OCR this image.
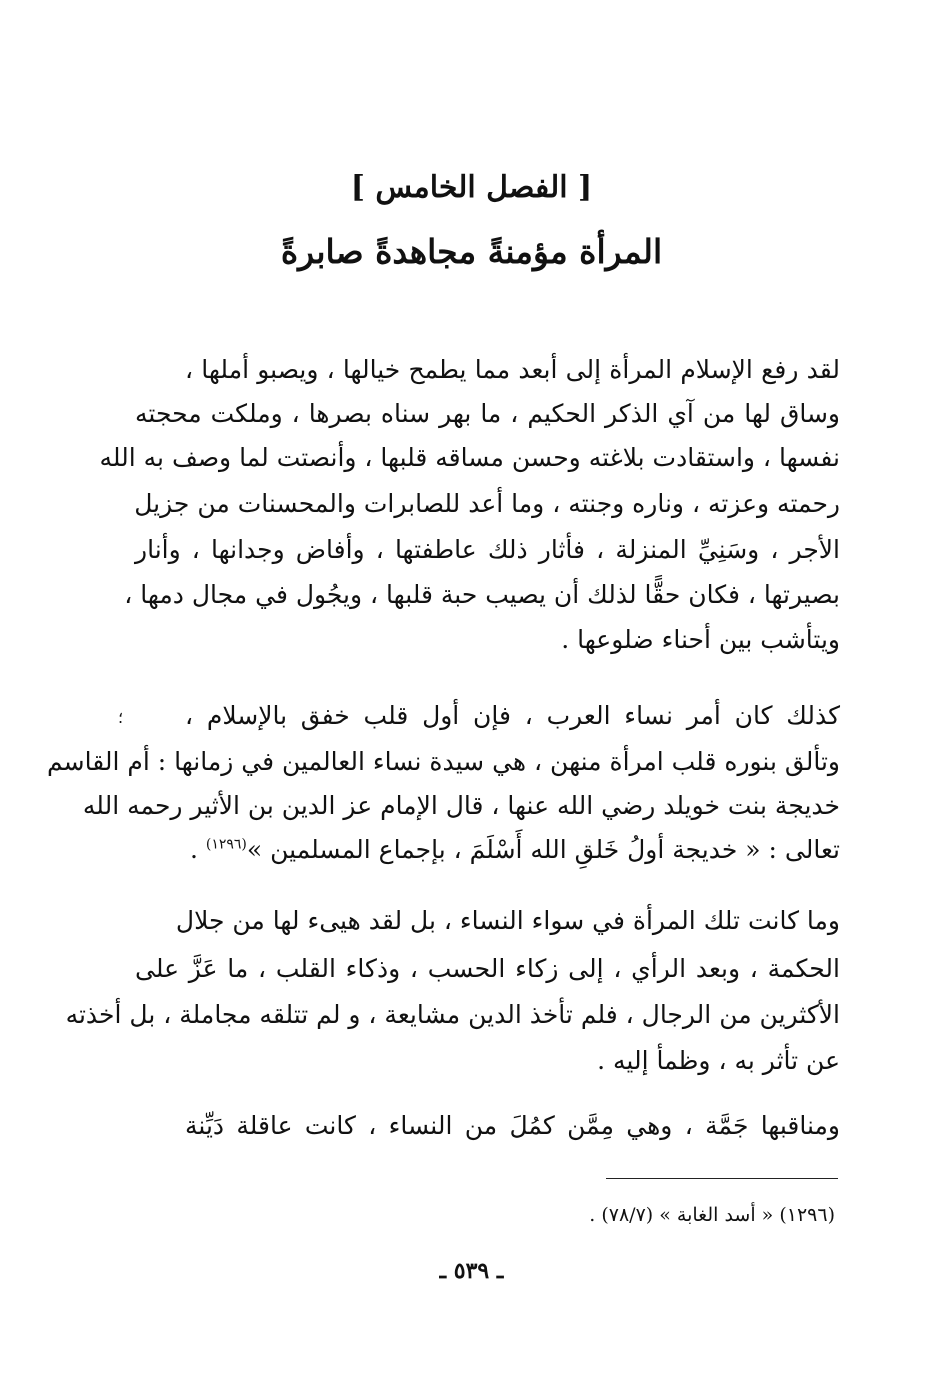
[ الفصل الخامس ]
المرأة مؤمنةً مجاهدةً صابرةً
لقد رفع الإسلام المرأة إلى أبعد مما يطمح خيالها ، ويصبو أملها ،
وساق لها من آي الذكر الحكيم ، ما بهر سناه بصرها ، وملكت محجته
نفسها ، واستقادت بلاغته وحسن مساقه قلبها ، وأنصتت لما وصف به الله
رحمته وعزته ، وناره وجنته ، وما أعد للصابرات والمحسنات من جزيل
الأجر ، وسَنِيِّ المنزلة ، فأثار ذلك عاطفتها ، وأفاض وجدانها ، وأنار
بصيرتها ، فكان حقًّا لذلك أن يصيب حبة قلبها ، ويجُول في مجال دمها ،
ويتأشب بين أحناء ضلوعها .
كذلك كان أمر نساء العرب ، فإن أول قلب خفق بالإسلام ،
وتألق بنوره قلب امرأة منهن ، هي سيدة نساء العالمين في زمانها : أم القاسم
خديجة بنت خويلد رضي الله عنها ، قال الإمام عز الدين بن الأثير رحمه الله
تعالى : « خديجة أولُ خَلقِ الله أَسْلَمَ ، بإجماع المسلمين »$^{(١٢٩٦)}$ .
وما كانت تلك المرأة في سواء النساء ، بل لقد هيىء لها من جلال
الحكمة ، وبعد الرأي ، إلى زكاء الحسب ، وذكاء القلب ، ما عَزَّ على
الأكثرين من الرجال ، فلم تأخذ الدين مشايعة ، و لم تتلقه مجاملة ، بل أخذته
عن تأثر به ، وظمأ إليه .
ومناقبها جَمَّة ، وهي مِمَّن كمُلَ من النساء ، كانت عاقلة دَيِّنة
؛
(١٢٩٦) « أسد الغابة » (٧٨/٧) .
ـ ٥٣٩ ـ
